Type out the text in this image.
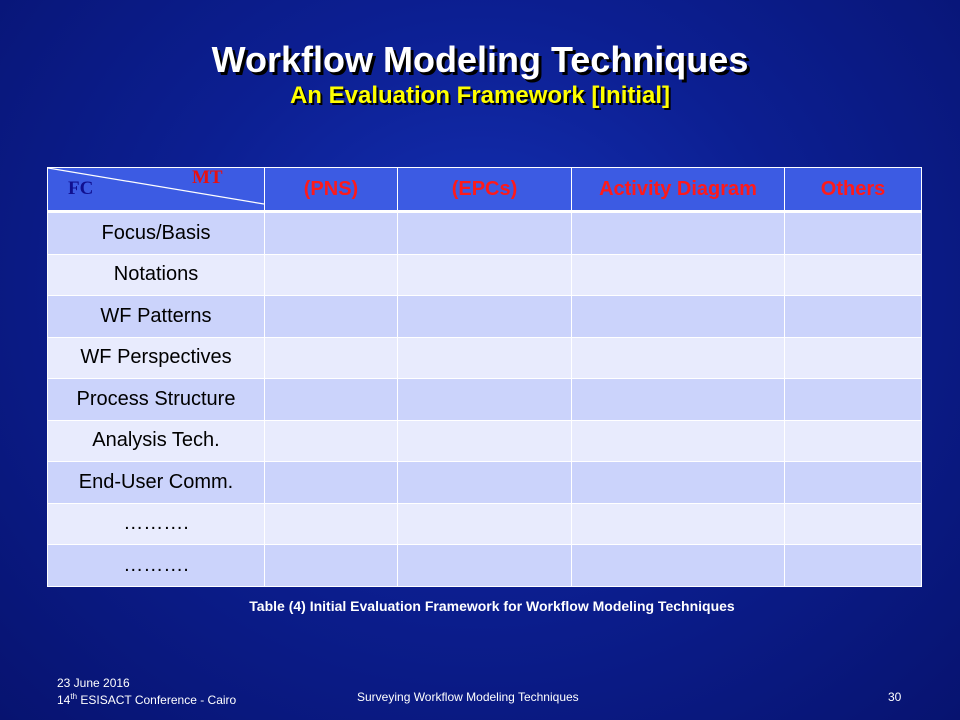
Workflow Modeling Techniques
An Evaluation Framework [Initial]
FC
MT	(PNS)	(EPCs)	Activity Diagram	Others
Focus/Basis				
Notations				
WF Patterns				
WF Perspectives				
Process Structure				
Analysis Tech.				
End-User Comm.				
……….				
……….				
Table (4) Initial Evaluation Framework for Workflow Modeling Techniques
23 June 2016
14th ESISACT Conference - Cairo	Surveying Workflow Modeling Techniques	30
